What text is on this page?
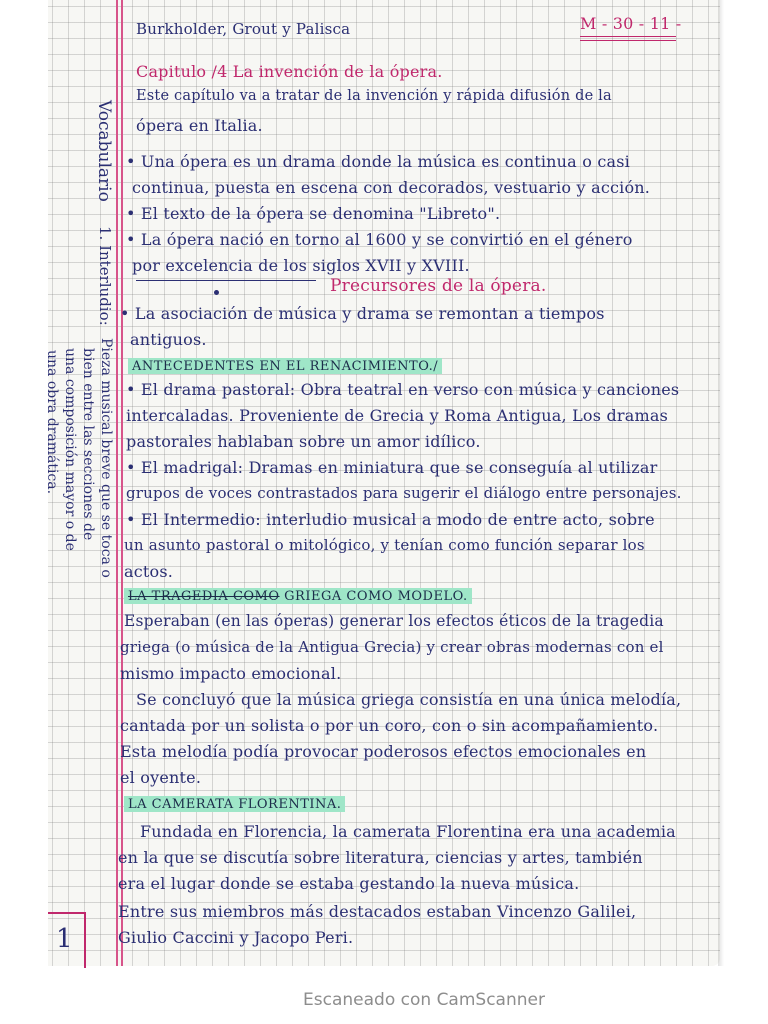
Burkholder, Grout y Palisca	M - 30 - 11 -
Capitulo /4 La invención de la ópera.
Este capítulo va a tratar de la invención y rápida difusión de la
ópera en Italia.
• Una ópera es un drama donde la música es continua o casi
continua, puesta en escena con decorados, vestuario y acción.
• El texto de la ópera se denomina "Libreto".
• La ópera nació en torno al 1600 y se convirtió en el género
por excelencia de los siglos XVII y XVIII.
Precursores de la ópera.
• La asociación de música y drama se remontan a tiempos
antiguos.
ANTECEDENTES EN EL RENACIMIENTO./
• El drama pastoral: Obra teatral en verso con música y canciones
intercaladas. Proveniente de Grecia y Roma Antigua, Los dramas
pastorales hablaban sobre un amor idílico.
• El madrigal: Dramas en miniatura que se conseguía al utilizar
grupos de voces contrastados para sugerir el diálogo entre personajes.
• El Intermedio: interludio musical a modo de entre acto, sobre
un asunto pastoral o mitológico, y tenían como función separar los
actos.
LA TRAGEDIA COMO GRIEGA COMO MODELO.
Esperaban (en las óperas) generar los efectos éticos de la tragedia
griega (o música de la Antigua Grecia) y crear obras modernas con el
mismo impacto emocional.
Se concluyó que la música griega consistía en una única melodía,
cantada por un solista o por un coro, con o sin acompañamiento.
Esta melodía podía provocar poderosos efectos emocionales en
el oyente.
LA CAMERATA FLORENTINA.
Fundada en Florencia, la camerata Florentina era una academia
en la que se discutía sobre literatura, ciencias y artes, también
era el lugar donde se estaba gestando la nueva música.
Entre sus miembros más destacados estaban Vincenzo Galilei,
Giulio Caccini y Jacopo Peri.
Vocabulario
1. Interludio:
Pieza musical breve que se toca o
bien entre las secciones de
una composición mayor o de
una obra dramática.
1
Escaneado con CamScanner
